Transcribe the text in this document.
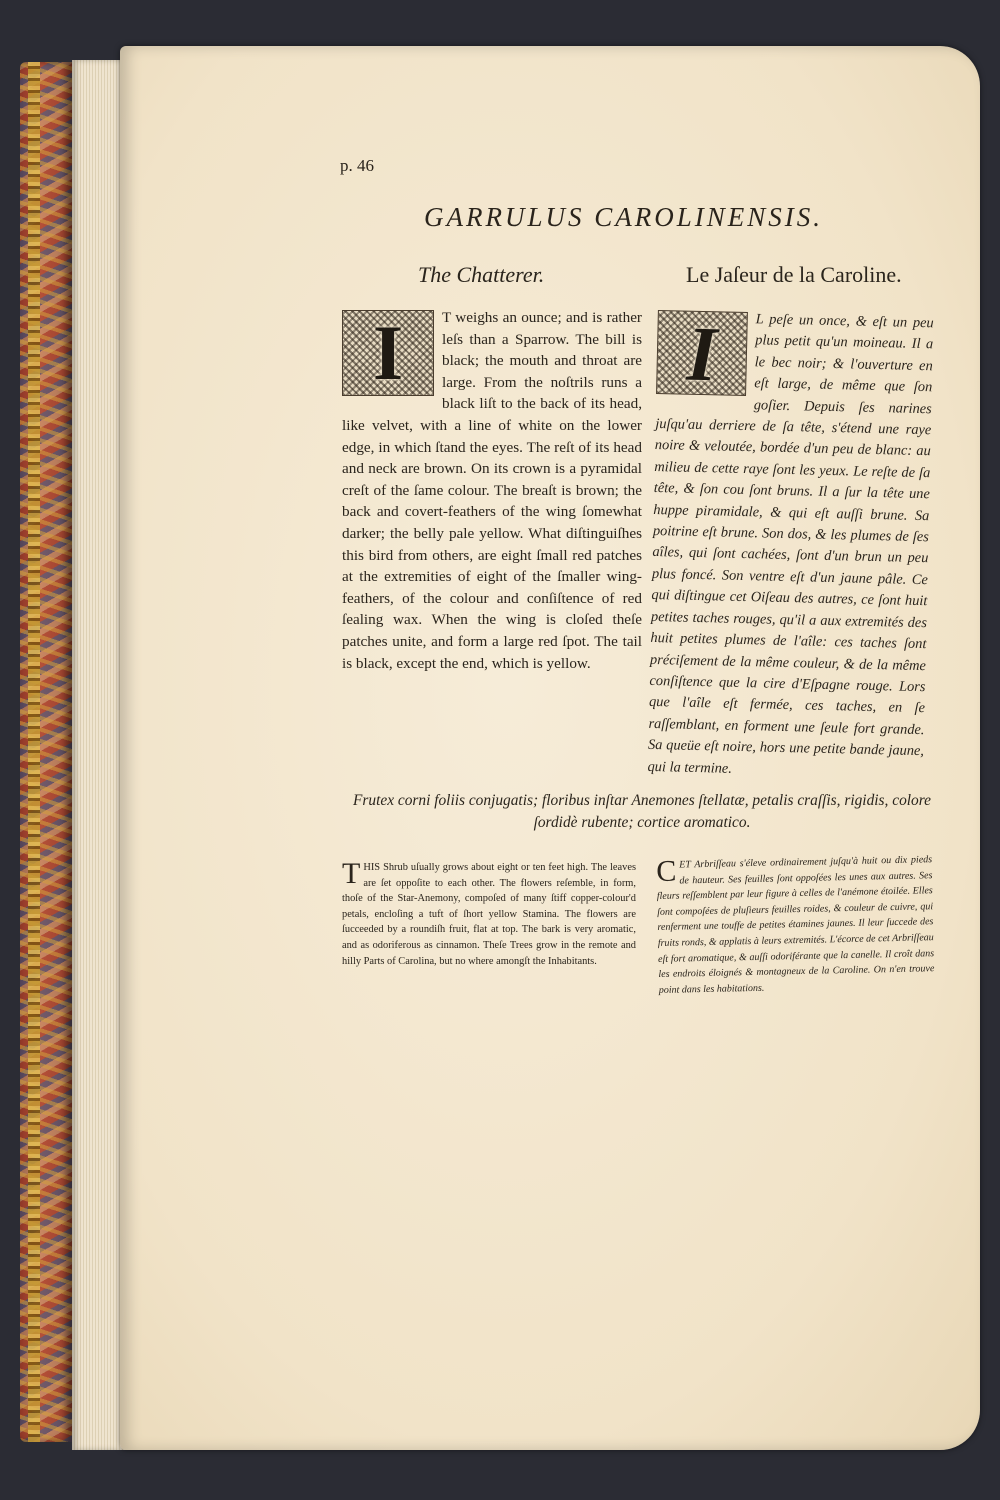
p. 46
GARRULUS CAROLINENSIS.
The Chatterer.	Le Jaſeur de la Caroline.
I	T weighs an ounce; and is rather leſs than a Sparrow. The bill is black; the mouth and throat are large. From the noſtrils runs a black liſt to the back of its head, like velvet, with a line of white on the lower edge, in which ſtand the eyes. The reſt of its head and neck are brown. On its crown is a pyramidal creſt of the ſame colour. The breaſt is brown; the back and covert-feathers of the wing ſomewhat darker; the belly pale yellow. What diſtinguiſhes this bird from others, are eight ſmall red patches at the extremities of eight of the ſmaller wing-feathers, of the colour and conſiſtence of red ſealing wax. When the wing is cloſed theſe patches unite, and form a large red ſpot. The tail is black, except the end, which is yellow.
I	L peſe un once, & eſt un peu plus petit qu'un moineau. Il a le bec noir; & l'ouverture en eſt large, de même que ſon goſier. Depuis ſes narines juſqu'au derriere de ſa tête, s'étend une raye noire & veloutée, bordée d'un peu de blanc: au milieu de cette raye ſont les yeux. Le reſte de ſa tête, & ſon cou ſont bruns. Il a ſur la tête une huppe piramidale, & qui eſt auſſi brune. Sa poitrine eſt brune. Son dos, & les plumes de ſes aîles, qui ſont cachées, ſont d'un brun un peu plus foncé. Son ventre eſt d'un jaune pâle. Ce qui diſtingue cet Oiſeau des autres, ce ſont huit petites taches rouges, qu'il a aux extremités des huit petites plumes de l'aîle: ces taches ſont préciſement de la même couleur, & de la même conſiſtence que la cire d'Eſpagne rouge. Lors que l'aîle eſt fermée, ces taches, en ſe raſſemblant, en forment une ſeule fort grande. Sa queüe eſt noire, hors une petite bande jaune, qui la termine.
Frutex corni foliis conjugatis; floribus inſtar Anemones ſtellatæ, petalis craſſis, rigidis, colore ſordidè rubente; cortice aromatico.
T HIS Shrub uſually grows about eight or ten feet high. The leaves are ſet oppoſite to each other. The flowers reſemble, in form, thoſe of the Star-Anemony, compoſed of many ſtiff copper-colour'd petals, encloſing a tuft of ſhort yellow Stamina. The flowers are ſucceeded by a roundiſh fruit, flat at top. The bark is very aromatic, and as odoriferous as cinnamon. Theſe Trees grow in the remote and hilly Parts of Carolina, but no where amongſt the Inhabitants.
C ET Arbriſſeau s'éleve ordinairement juſqu'à huit ou dix pieds de hauteur. Ses feuilles ſont oppoſées les unes aux autres. Ses fleurs reſſemblent par leur figure à celles de l'anémone étoilée. Elles ſont compoſées de pluſieurs feuilles roides, & couleur de cuivre, qui renferment une touffe de petites étamines jaunes. Il leur ſuccede des fruits ronds, & applatis à leurs extremités. L'écorce de cet Arbriſſeau eſt fort aromatique, & auſſi odoriférante que la canelle. Il croît dans les endroits éloignés & montagneux de la Caroline. On n'en trouve point dans les habitations.
